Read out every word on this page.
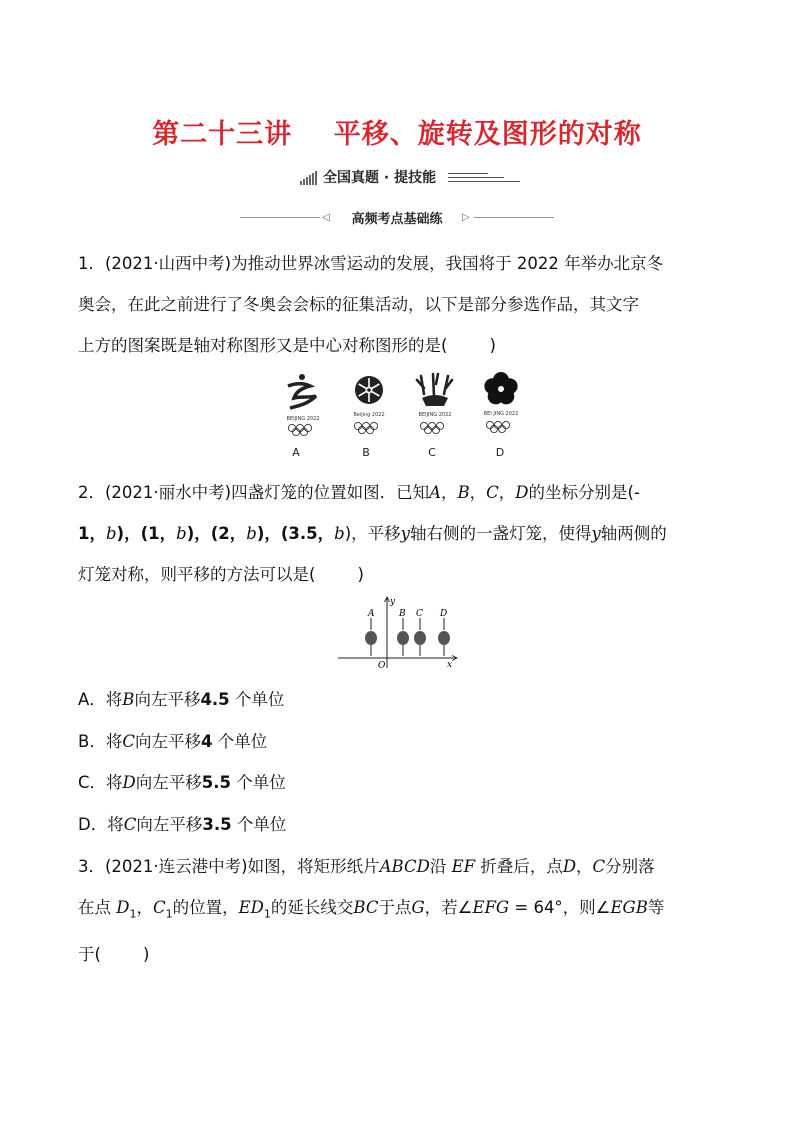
第二十三讲    平移、旋转及图形的对称
全国真题 · 提技能
◁	高频考点基础练	▷
1．(2021·山西中考)为推动世界冰雪运动的发展，我国将于 2022 年举办北京冬
奥会，在此之前进行了冬奥会会标的征集活动，以下是部分参选作品，其文字
上方的图案既是轴对称图形又是中心对称图形的是(	)
BEIJING 2022
Beijing 2022	BEIJING 2022	BEI JING 2022
A	B	C	D
2．(2021·丽水中考)四盏灯笼的位置如图．已知A，B，C，D的坐标分别是(-
1，b)，(1，b)，(2，b)，(3.5，b)，平移y轴右侧的一盏灯笼，使得y轴两侧的
灯笼对称，则平移的方法可以是(	)
y
x
O
A	B C D
A．将B向左平移4.5 个单位
B．将C向左平移4 个单位
C．将D向左平移5.5 个单位
D．将C向左平移3.5 个单位
3．(2021·连云港中考)如图，将矩形纸片ABCD沿 EF 折叠后，点D，C分别落
在点 $D_1$，$C_1$的位置，$ED_1$的延长线交BC于点G，若∠EFG = 64°，则∠EGB等
于(	)
